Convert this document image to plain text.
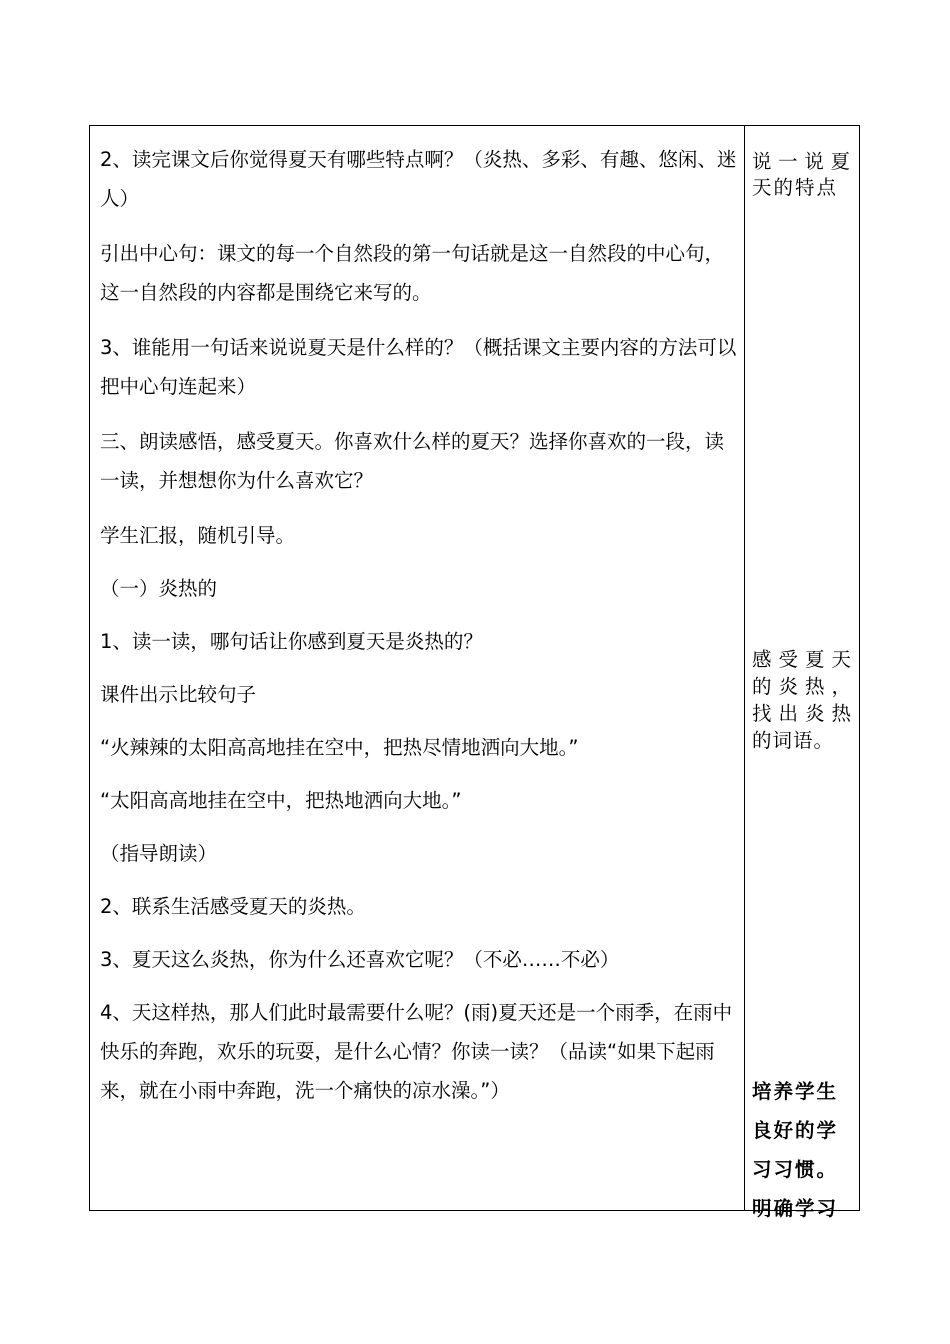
2、读完课文后你觉得夏天有哪些特点啊？（炎热、多彩、有趣、悠闲、迷人）

引出中心句：课文的每一个自然段的第一句话就是这一自然段的中心句，这一自然段的内容都是围绕它来写的。

3、谁能用一句话来说说夏天是什么样的？（概括课文主要内容的方法可以把中心句连起来）

三、朗读感悟，感受夏天。你喜欢什么样的夏天？选择你喜欢的一段，读一读，并想想你为什么喜欢它？

学生汇报，随机引导。

（一）炎热的

1、读一读，哪句话让你感到夏天是炎热的？

课件出示比较句子

“火辣辣的太阳高高地挂在空中，把热尽情地洒向大地。”

“太阳高高地挂在空中，把热地洒向大地。”

（指导朗读）

2、联系生活感受夏天的炎热。

3、夏天这么炎热，你为什么还喜欢它呢？（不必……不必）

4、天这样热，那人们此时最需要什么呢？(雨)夏天还是一个雨季，在雨中快乐的奔跑，欢乐的玩耍，是什么心情？你读一读？（品读“如果下起雨来，就在小雨中奔跑，洗一个痛快的凉水澡。”）

说一说夏天的特点
感受夏天的炎热，找出炎热的词语。
培养学生良好的学习习惯。明确学习
